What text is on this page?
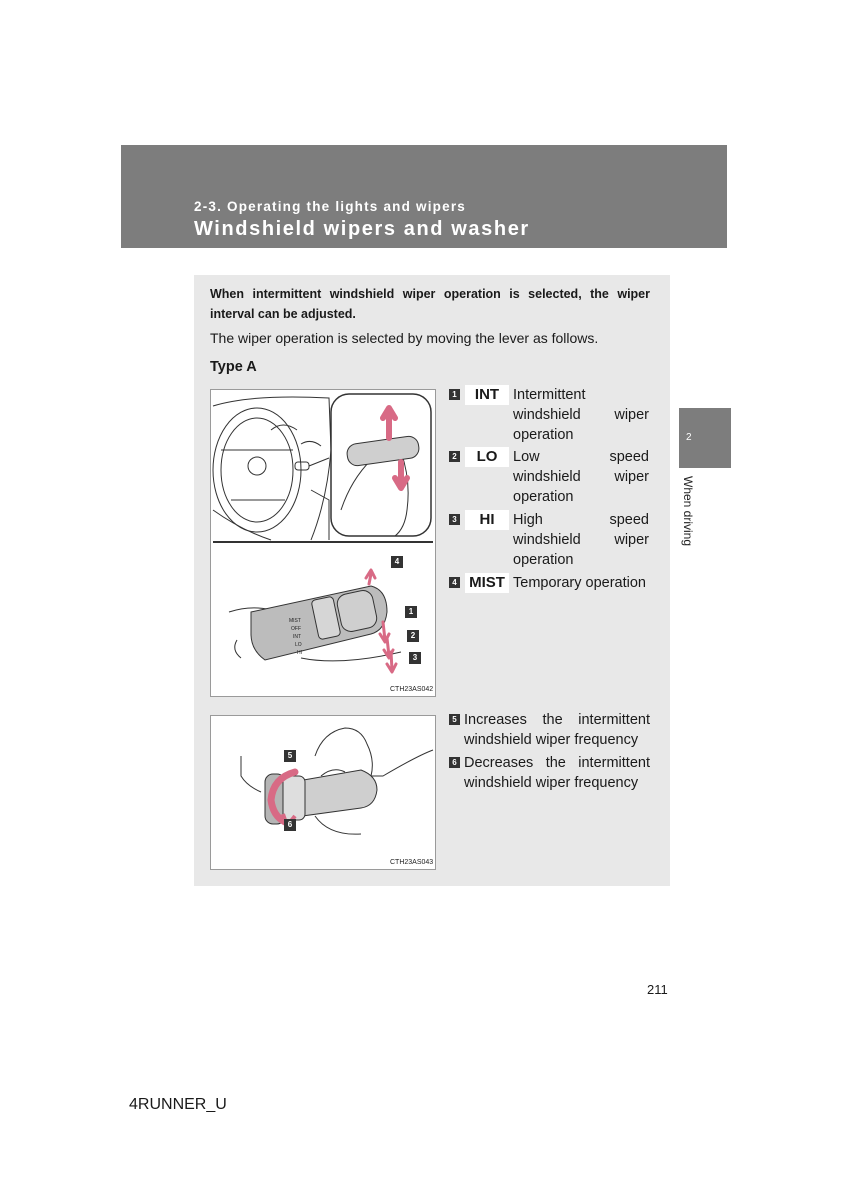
2-3. Operating the lights and wipers
Windshield wipers and washer
2
When driving
When intermittent windshield wiper operation is selected, the wiper interval can be adjusted.
The wiper operation is selected by moving the lever as follows.
Type A
MIST
OFF
INT
LO
HI
4
1
2
3
CTH23AS042
1	INT Intermittent windshield wiper operation
2	LO	Low speed windshield wiper operation
3	HI	High speed windshield wiper operation
4 MIST Temporary operation
5
6
CTH23AS043
5 Increases the intermittent windshield wiper frequency
6 Decreases the intermittent windshield wiper frequency
211
4RUNNER_U
